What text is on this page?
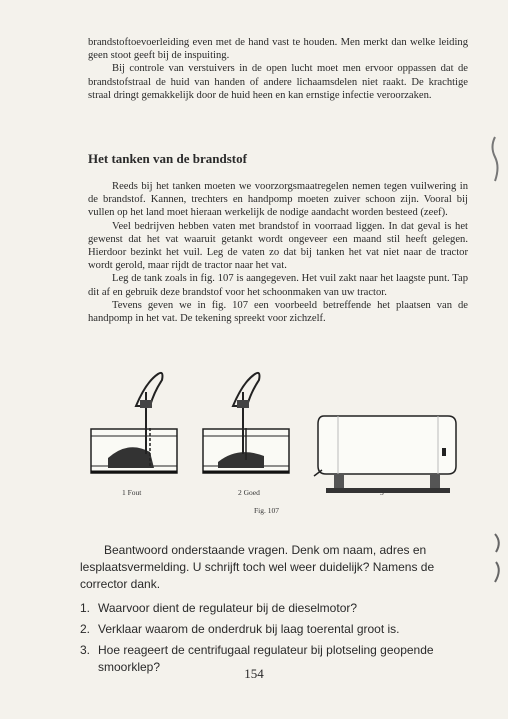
brandstoftoevoerleiding even met de hand vast te houden. Men merkt dan welke leiding geen stoot geeft bij de inspuiting.

Bij controle van verstuivers in de open lucht moet men ervoor oppassen dat de brandstofstraal de huid van handen of andere lichaamsdelen niet raakt. De krachtige straal dringt gemakkelijk door de huid heen en kan ernstige infectie veroorzaken.

Het tanken van de brandstof

Reeds bij het tanken moeten we voorzorgsmaatregelen nemen tegen vuilwering in de brandstof. Kannen, trechters en handpomp moeten zuiver schoon zijn. Vooral bij vullen op het land moet hieraan werkelijk de nodige aandacht worden besteed (zeef).

Veel bedrijven hebben vaten met brandstof in voorraad liggen. In dat geval is het gewenst dat het vat waaruit getankt wordt ongeveer een maand stil heeft gelegen. Hierdoor bezinkt het vuil. Leg de vaten zo dat bij tanken het vat niet naar de tractor wordt gerold, maar rijdt de tractor naar het vat.

Leg de tank zoals in fig. 107 is aangegeven. Het vuil zakt naar het laagste punt. Tap dit af en gebruik deze brandstof voor het schoonmaken van uw tractor.

Tevens geven we in fig. 107 een voorbeeld betreffende het plaatsen van de handpomp in het vat. De tekening spreekt voor zichzelf.

1 Fout	2 Goed	3
Fig. 107

Beantwoord onderstaande vragen. Denk om naam, adres en lesplaatsvermelding. U schrijft toch wel weer duidelijk? Namens de corrector dank.

1. Waarvoor dient de regulateur bij de dieselmotor?
2. Verklaar waarom de onderdruk bij laag toerental groot is.
3. Hoe reageert de centrifugaal regulateur bij plotseling geopende smoorklep?	154
